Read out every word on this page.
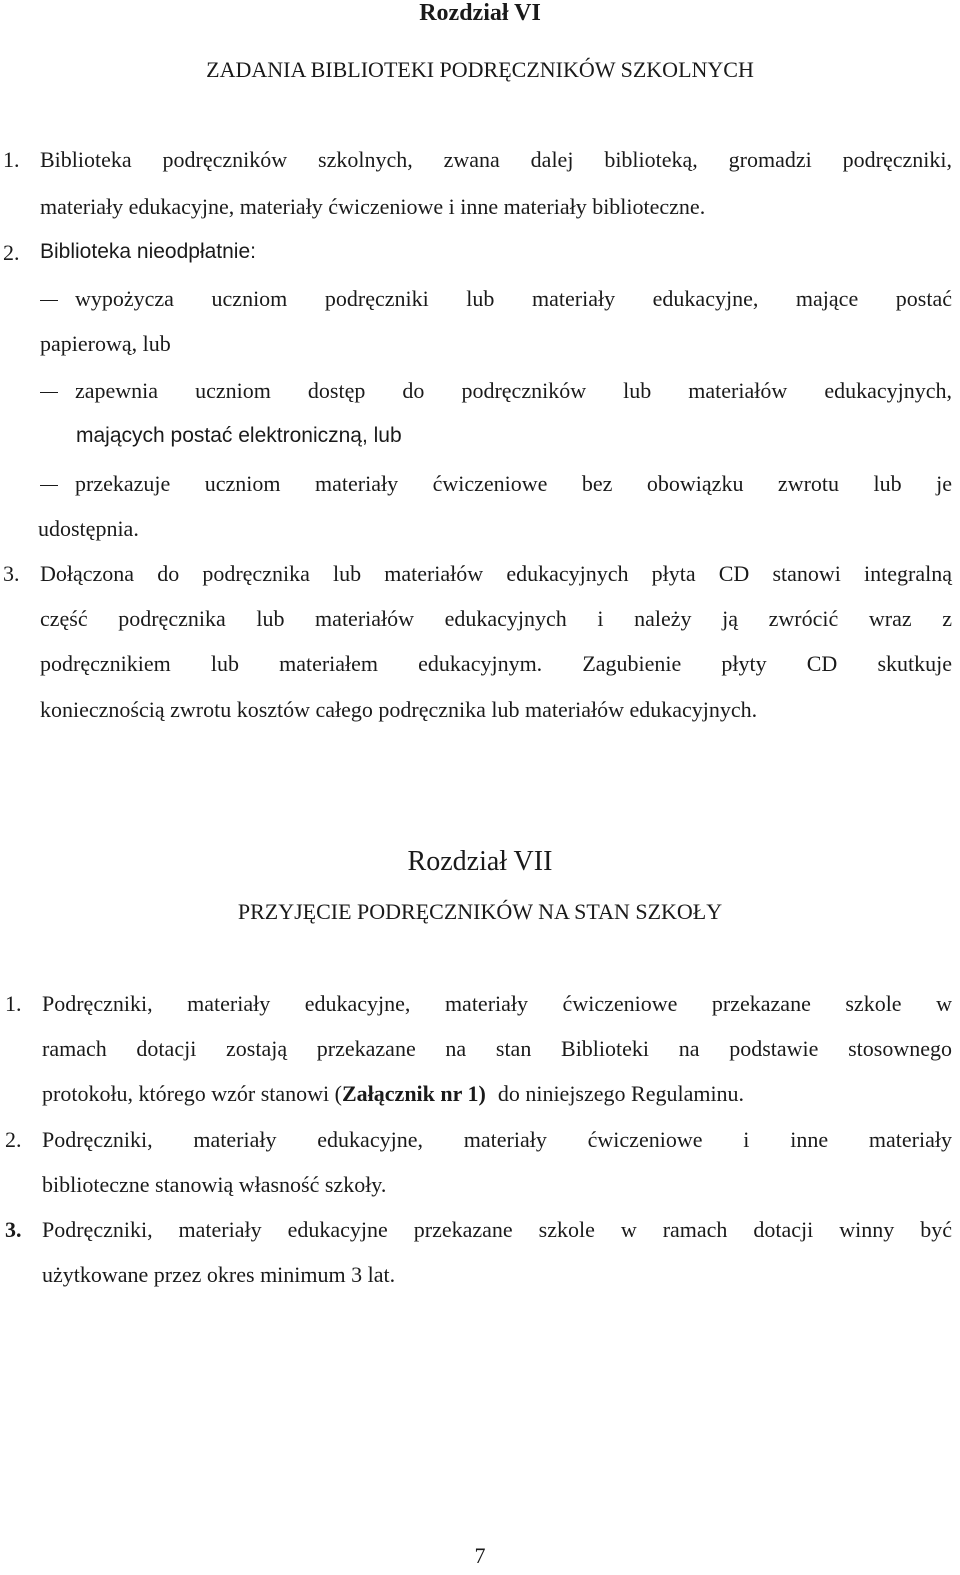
Rozdział VI
ZADANIA BIBLIOTEKI PODRĘCZNIKÓW SZKOLNYCH
1. Biblioteka podręczników szkolnych, zwana dalej biblioteką, gromadzi podręczniki,
materiały edukacyjne, materiały ćwiczeniowe i inne materiały biblioteczne.
2. Biblioteka nieodpłatnie:
wypożycza uczniom podręczniki lub materiały edukacyjne, mające postać
papierową, lub
zapewnia uczniom dostęp do podręczników lub materiałów edukacyjnych,
mających postać elektroniczną, lub
przekazuje uczniom materiały ćwiczeniowe bez obowiązku zwrotu lub je
udostępnia.
3. Dołączona do podręcznika lub materiałów edukacyjnych płyta CD stanowi integralną
część podręcznika lub materiałów edukacyjnych i należy ją zwrócić wraz z
podręcznikiem lub materiałem edukacyjnym. Zagubienie płyty CD skutkuje
koniecznością zwrotu kosztów całego podręcznika lub materiałów edukacyjnych.
Rozdział VII
PRZYJĘCIE PODRĘCZNIKÓW NA STAN SZKOŁY
1. Podręczniki, materiały edukacyjne, materiały ćwiczeniowe przekazane szkole w
ramach dotacji zostają przekazane na stan Biblioteki na podstawie stosownego
protokołu, którego wzór stanowi (Załącznik nr 1) do niniejszego Regulaminu.
2. Podręczniki, materiały edukacyjne, materiały ćwiczeniowe i inne materiały
biblioteczne stanowią własność szkoły.
3. Podręczniki, materiały edukacyjne przekazane szkole w ramach dotacji winny być
użytkowane przez okres minimum 3 lat.
7
